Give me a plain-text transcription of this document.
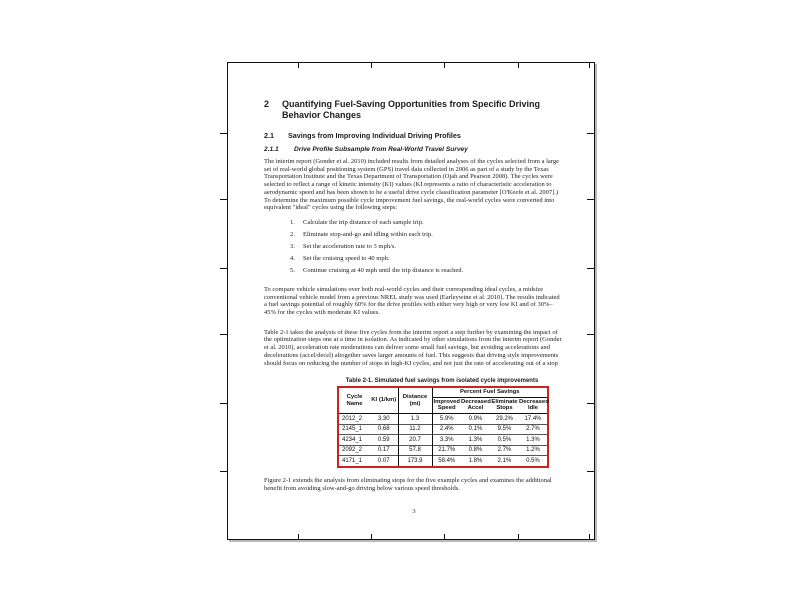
2 Quantifying Fuel-Saving Opportunities from Specific Driving Behavior Changes
2.1 Savings from Improving Individual Driving Profiles
2.1.1 Drive Profile Subsample from Real-World Travel Survey
The interim report (Gonder et al. 2010) included results from detailed analyses of the cycles selected from a large set of real-world global positioning system (GPS) travel data collected in 2006 as part of a study by the Texas Transportation Institute and the Texas Department of Transportation (Ojah and Pearson 2008). The cycles were selected to reflect a range of kinetic intensity (KI) values (KI represents a ratio of characteristic acceleration to aerodynamic speed and has been shown to be a useful drive cycle classification parameter [O'Keefe et al. 2007].) To determine the maximum possible cycle improvement fuel savings, the real-world cycles were converted into equivalent "ideal" cycles using the following steps:
1. Calculate the trip distance of each sample trip.
2. Eliminate stop-and-go and idling within each trip.
3. Set the acceleration rate to 3 mph/s.
4. Set the cruising speed to 40 mph.
5. Continue cruising at 40 mph until the trip distance is reached.
To compare vehicle simulations over both real-world cycles and their corresponding ideal cycles, a midsize conventional vehicle model from a previous NREL study was used (Earleywine et al. 2010). The results indicated a fuel savings potential of roughly 60% for the drive profiles with either very high or very low KI and of 30%–45% for the cycles with moderate KI values.
Table 2-1 takes the analysis of these five cycles from the interim report a step further by examining the impact of the optimization steps one at a time in isolation. As indicated by other simulations from the interim report (Gonder et al. 2010), acceleration rate moderations can deliver some small fuel savings, but avoiding accelerations and decelerations (accel/decel) altogether saves larger amounts of fuel. This suggests that driving style improvements should focus on reducing the number of stops in high-KI cycles, and not just the rate of accelerating out of a stop
Table 2-1. Simulated fuel savings from isolated cycle improvements
Cycle Name	KI (1/km)	Distance (mi)	Percent Fuel Savings			
			Improved Speed	Decreased Accel	Eliminate Stops	Decreased Idle
2012_2	3.30	1.3	5.9%	0.9%	29.2%	17.4%
2145_1	0.68	11.2	2.4%	0.1%	9.5%	2.7%
4234_1	0.59	20.7	3.3%	1.3%	0.5%	1.3%
2092_2	0.17	57.8	21.7%	0.8%	2.7%	1.2%
4171_1	0.07	173.9	58.4%	1.8%	2.1%	0.5%
Figure 2-1 extends the analysis from eliminating stops for the five example cycles and examines the additional benefit from avoiding slow-and-go driving below various speed thresholds.
3
